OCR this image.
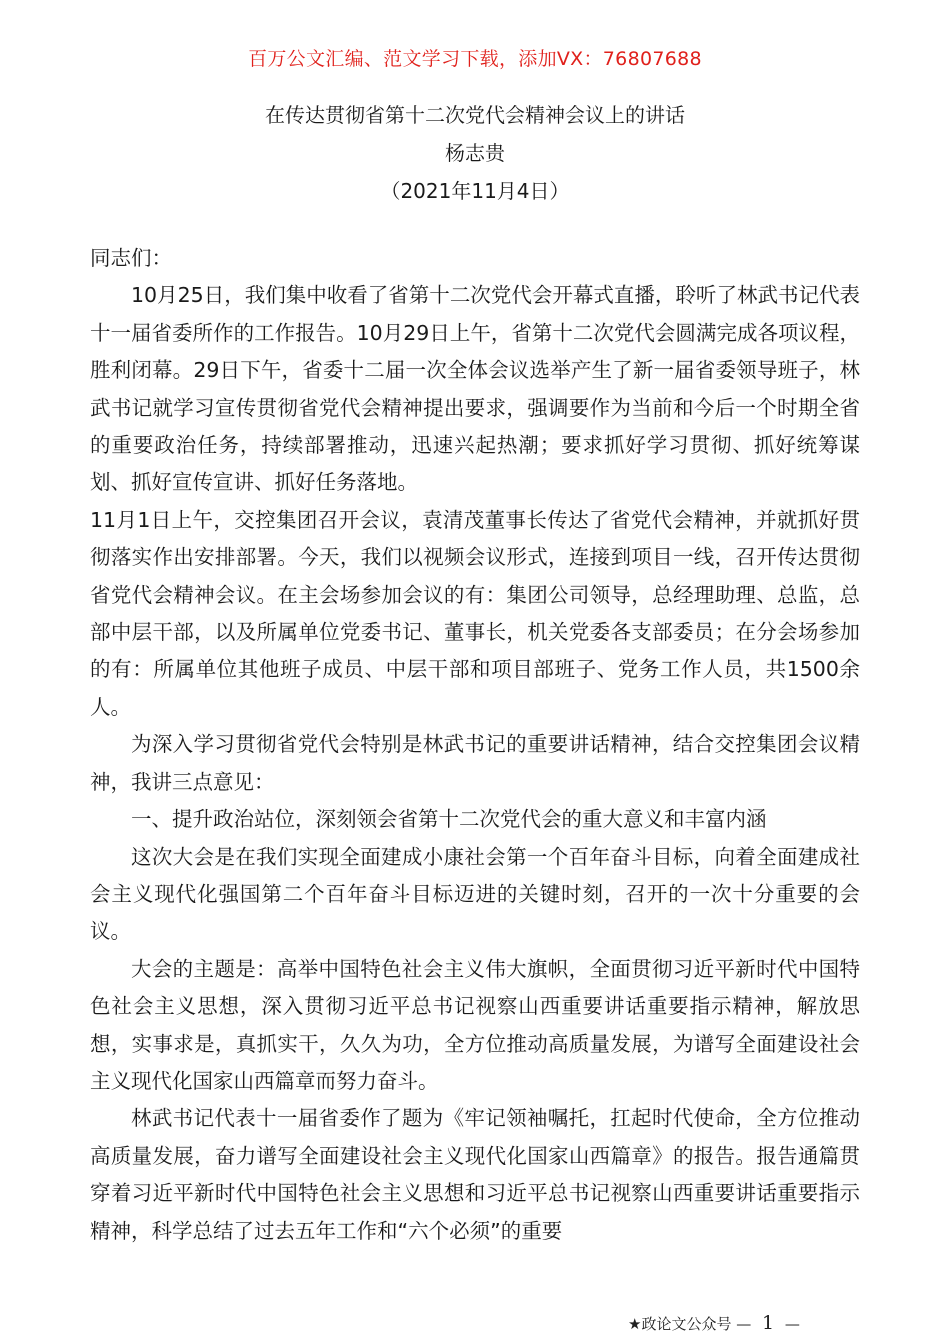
百万公文汇编、范文学习下载，添加VX：76807688
在传达贯彻省第十二次党代会精神会议上的讲话
杨志贵
（2021年11月4日）

同志们：

10月25日，我们集中收看了省第十二次党代会开幕式直播，聆听了林武书记代表十一届省委所作的工作报告。10月29日上午，省第十二次党代会圆满完成各项议程，胜利闭幕。29日下午，省委十二届一次全体会议选举产生了新一届省委领导班子，林武书记就学习宣传贯彻省党代会精神提出要求，强调要作为当前和今后一个时期全省的重要政治任务，持续部署推动，迅速兴起热潮；要求抓好学习贯彻、抓好统筹谋划、抓好宣传宣讲、抓好任务落地。

11月1日上午，交控集团召开会议，袁清茂董事长传达了省党代会精神，并就抓好贯彻落实作出安排部署。今天，我们以视频会议形式，连接到项目一线，召开传达贯彻省党代会精神会议。在主会场参加会议的有：集团公司领导，总经理助理、总监，总部中层干部，以及所属单位党委书记、董事长，机关党委各支部委员；在分会场参加的有：所属单位其他班子成员、中层干部和项目部班子、党务工作人员，共1500余人。

为深入学习贯彻省党代会特别是林武书记的重要讲话精神，结合交控集团会议精神，我讲三点意见：

一、提升政治站位，深刻领会省第十二次党代会的重大意义和丰富内涵

这次大会是在我们实现全面建成小康社会第一个百年奋斗目标，向着全面建成社会主义现代化强国第二个百年奋斗目标迈进的关键时刻，召开的一次十分重要的会议。

大会的主题是：高举中国特色社会主义伟大旗帜，全面贯彻习近平新时代中国特色社会主义思想，深入贯彻习近平总书记视察山西重要讲话重要指示精神，解放思想，实事求是，真抓实干，久久为功，全方位推动高质量发展，为谱写全面建设社会主义现代化国家山西篇章而努力奋斗。

林武书记代表十一届省委作了题为《牢记领袖嘱托，扛起时代使命，全方位推动高质量发展，奋力谱写全面建设社会主义现代化国家山西篇章》的报告。报告通篇贯穿着习近平新时代中国特色社会主义思想和习近平总书记视察山西重要讲话重要指示精神，科学总结了过去五年工作和“六个必须”的重要

★政论文公众号 — 1 —
